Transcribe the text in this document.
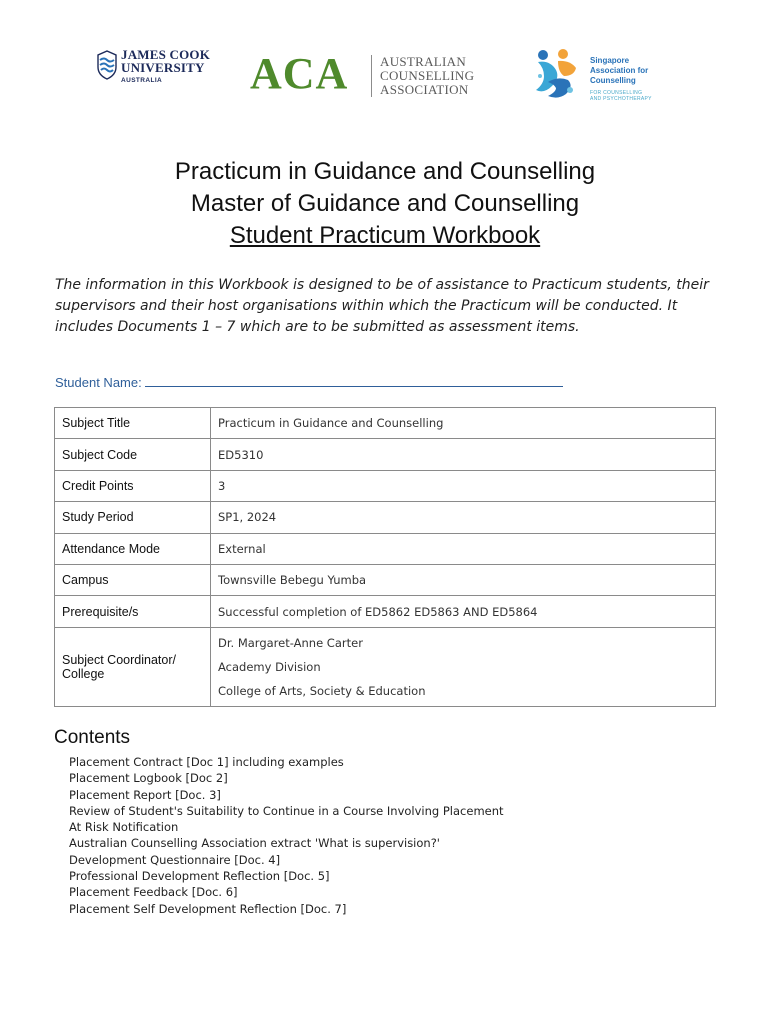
JAMES COOK
UNIVERSITY
AUSTRALIA	ACA AUSTRALIAN
COUNSELLING
ASSOCIATION
Singapore
Association for
Counselling
FOR COUNSELLING
AND PSYCHOTHERAPY
Practicum in Guidance and Counselling
Master of Guidance and Counselling
Student Practicum Workbook
The information in this Workbook is designed to be of assistance to Practicum students, their supervisors and their host organisations within which the Practicum will be conducted. It includes Documents 1 – 7 which are to be submitted as assessment items.
Student Name:
Subject Title	Practicum in Guidance and Counselling
Subject Code	ED5310
Credit Points	3
Study Period	SP1, 2024
Attendance Mode	External
Campus	Townsville Bebegu Yumba
Prerequisite/s	Successful completion of ED5862 ED5863 AND ED5864
Subject Coordinator/ College	Dr. Margaret-Anne Carter
Academy Division
College of Arts, Society & Education
Contents
Placement Contract [Doc 1] including examples
Placement Logbook [Doc 2]
Placement Report [Doc. 3]
Review of Student's Suitability to Continue in a Course Involving Placement
At Risk Notification
Australian Counselling Association extract 'What is supervision?'
Development Questionnaire [Doc. 4]
Professional Development Reflection [Doc. 5]
Placement Feedback [Doc. 6]
Placement Self Development Reflection [Doc. 7]
